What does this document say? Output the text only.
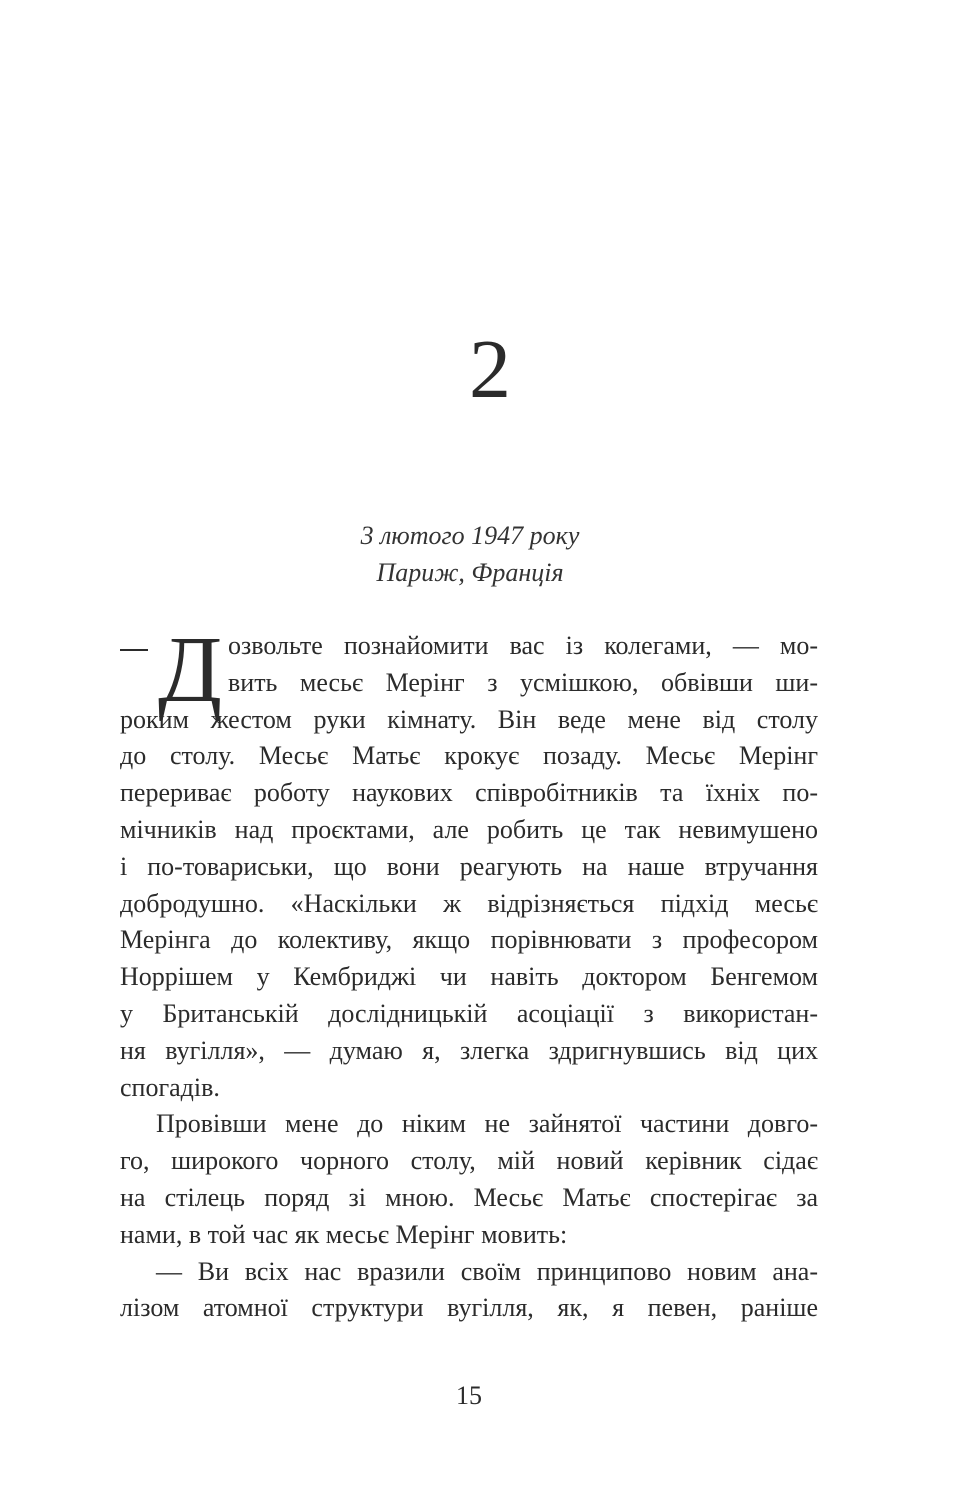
2
3 лютого 1947 року
Париж, Франція
Д озвольте познайомити вас із колегами, — мо-
вить месьє Мерінг з усмішкою, обвівши ши-
роким жестом руки кімнату. Він веде мене від столу
до столу. Месьє Матьє крокує позаду. Месьє Мерінг
перериває роботу наукових співробітників та їхніх по-
мічників над проєктами, але робить це так невимушено
і по-товариськи, що вони реагують на наше втручання
добродушно. «Наскільки ж відрізняється підхід месьє
Мерінга до колективу, якщо порівнювати з професором
Норрішем у Кембриджі чи навіть доктором Бенгемом
у Британській дослідницькій асоціації з використан-
ня вугілля», — думаю я, злегка здригнувшись від цих
спогадів.
Провівши мене до ніким не зайнятої частини довго-
го, широкого чорного столу, мій новий керівник сідає
на стілець поряд зі мною. Месьє Матьє спостерігає за
нами, в той час як месьє Мерінг мовить:
— Ви всіх нас вразили своїм принципово новим ана-
лізом атомної структури вугілля, як, я певен, раніше
15
